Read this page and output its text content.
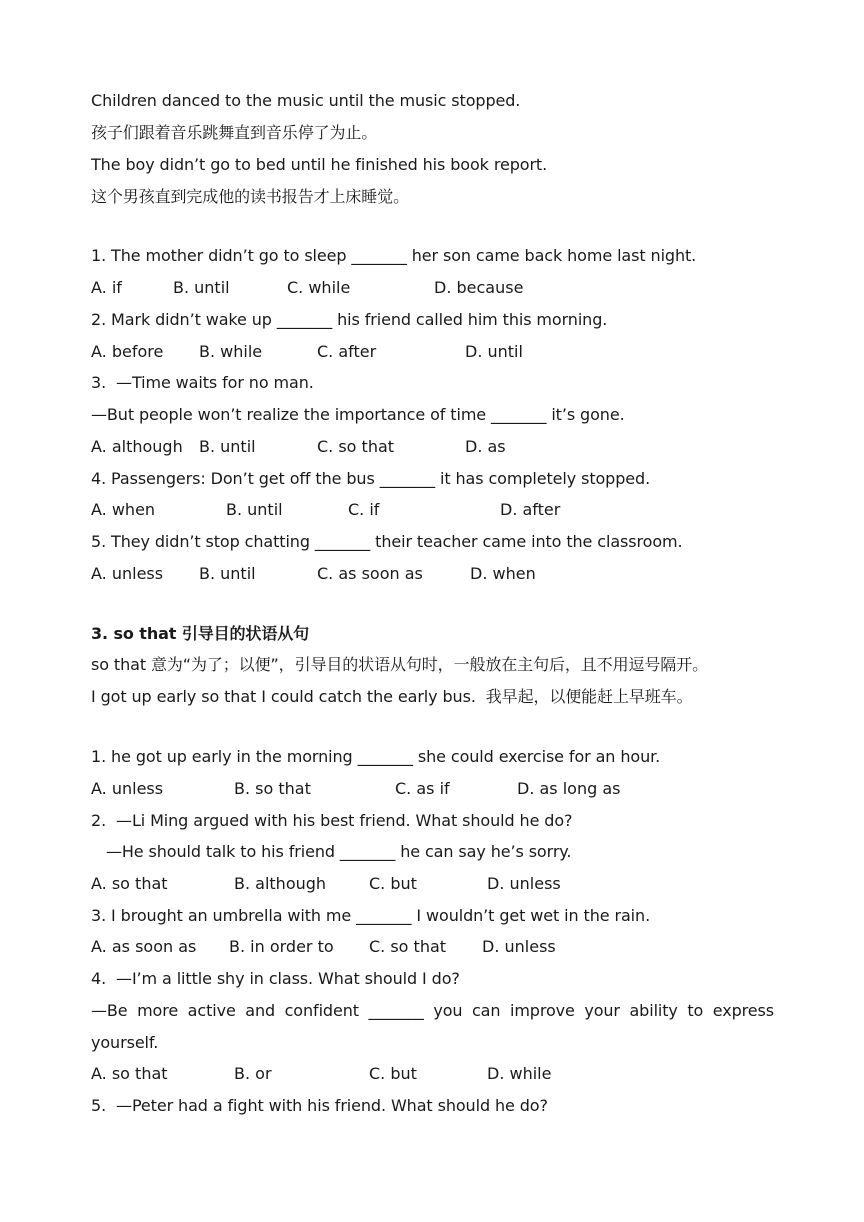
Children danced to the music until the music stopped.
孩子们跟着音乐跳舞直到音乐停了为止。
The boy didn’t go to bed until he finished his book report.
这个男孩直到完成他的读书报告才上床睡觉。
1. The mother didn’t go to sleep _______ her son came back home last night.
A. if	B. until	C. while	D. because
2. Mark didn’t wake up _______ his friend called him this morning.
A. before B. while	C. after	D. until
3.  —Time waits for no man.
—But people won’t realize the importance of time _______ it’s gone.
A. although B. until	C. so that	D. as
4. Passengers: Don’t get off the bus _______ it has completely stopped.
A. when	B. until	C. if	D. after
5. They didn’t stop chatting _______ their teacher came into the classroom.
A. unless B. until	C. as soon as	D. when
3. so that 引导目的状语从句
so that 意为“为了；以便”，引导目的状语从句时，一般放在主句后，且不用逗号隔开。
I got up early so that I could catch the early bus.  我早起，以便能赶上早班车。
1. he got up early in the morning _______ she could exercise for an hour.
A. unless	B. so that	C. as if	D. as long as
2.  —Li Ming argued with his best friend. What should he do?
—He should talk to his friend _______ he can say he’s sorry.
A. so that	B. although	C. but	D. unless
3. I brought an umbrella with me _______ I wouldn’t get wet in the rain.
A. as soon as B. in order to C. so that D. unless
4.  —I’m a little shy in class. What should I do?
—Be more active and confident _______ you can improve your ability to express
yourself.
A. so that	B. or	C. but	D. while
5.  —Peter had a fight with his friend. What should he do?
